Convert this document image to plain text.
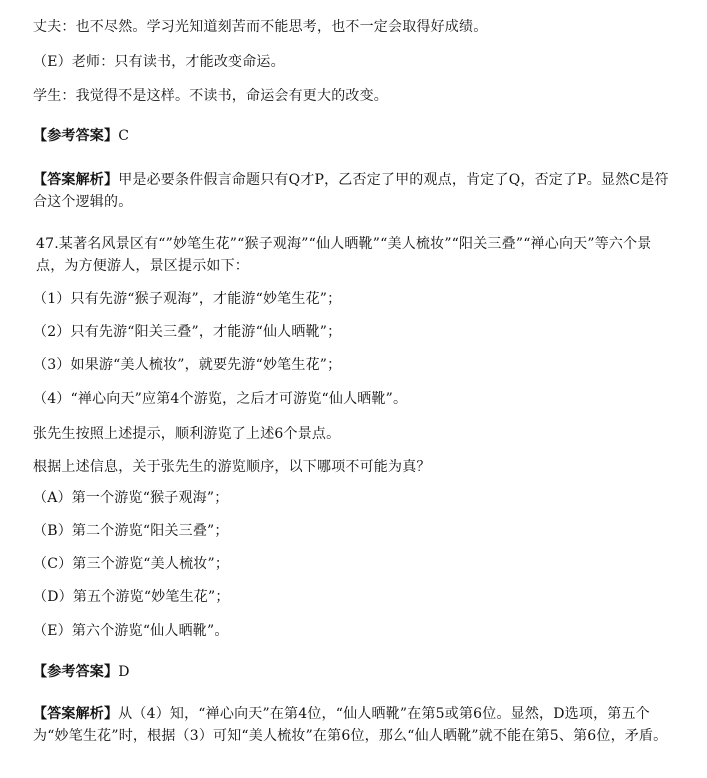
丈夫：也不尽然。学习光知道刻苦而不能思考，也不一定会取得好成绩。
（E）老师：只有读书，才能改变命运。
学生：我觉得不是这样。不读书，命运会有更大的改变。
【参考答案】C
【答案解析】甲是必要条件假言命题只有Q才P，乙否定了甲的观点，肯定了Q，否定了P。显然C是符合这个逻辑的。
47.某著名风景区有“”妙笔生花”“猴子观海”“仙人晒靴”“美人梳妆”“阳关三叠”“禅心向天”等六个景点，为方便游人，景区提示如下：
（1）只有先游“猴子观海”，才能游“妙笔生花”；
（2）只有先游“阳关三叠”，才能游“仙人晒靴”；
（3）如果游“美人梳妆”，就要先游“妙笔生花”；
（4）“禅心向天”应第4个游览，之后才可游览“仙人晒靴”。
张先生按照上述提示，顺利游览了上述6个景点。
根据上述信息，关于张先生的游览顺序，以下哪项不可能为真？
（A）第一个游览“猴子观海”；
（B）第二个游览“阳关三叠”；
（C）第三个游览“美人梳妆”；
（D）第五个游览“妙笔生花”；
（E）第六个游览“仙人晒靴”。
【参考答案】D
【答案解析】从（4）知，“禅心向天”在第4位，“仙人晒靴”在第5或第6位。显然，D选项，第五个为“妙笔生花”时，根据（3）可知“美人梳妆”在第6位，那么“仙人晒靴”就不能在第5、第6位，矛盾。
